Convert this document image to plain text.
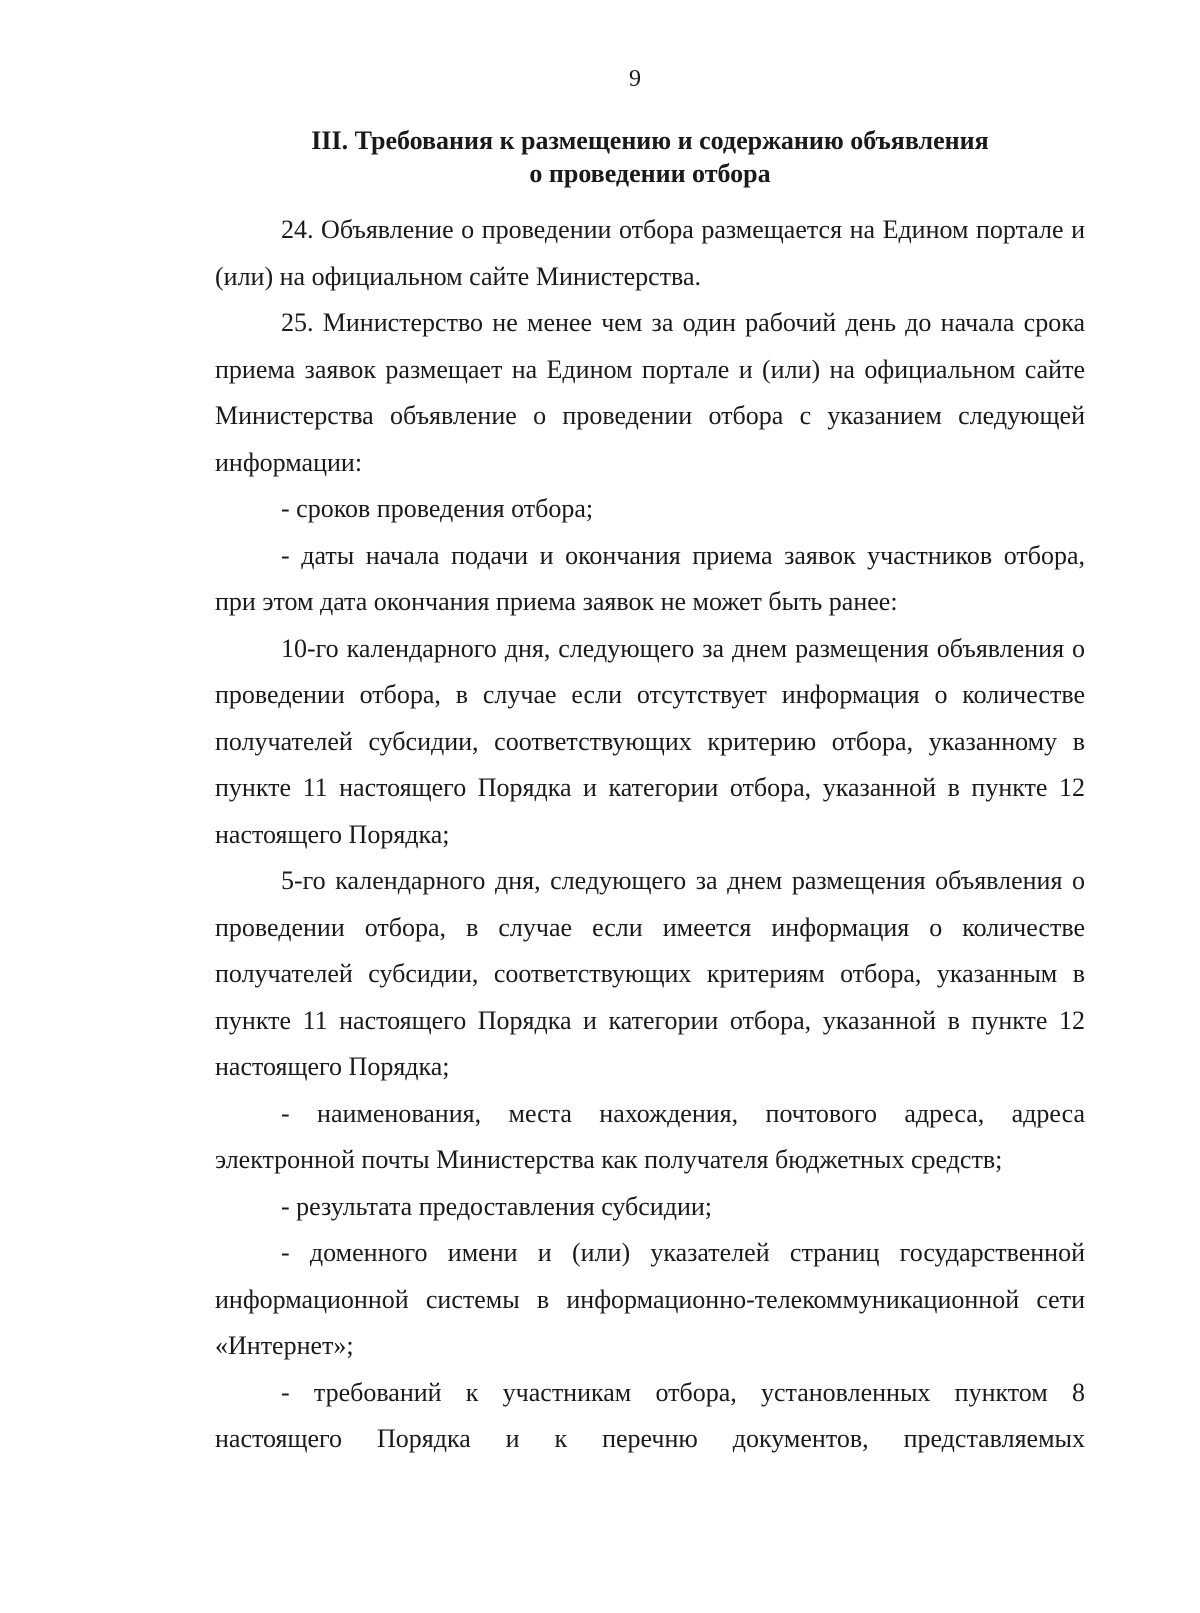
9
III. Требования к размещению и содержанию объявления
о проведении отбора

24. Объявление о проведении отбора размещается на Едином портале и (или) на официальном сайте Министерства.

25. Министерство не менее чем за один рабочий день до начала срока приема заявок размещает на Едином портале и (или) на официальном сайте Министерства объявление о проведении отбора с указанием следующей информации:

- сроков проведения отбора;

- даты начала подачи и окончания приема заявок участников отбора, при этом дата окончания приема заявок не может быть ранее:

10-го календарного дня, следующего за днем размещения объявления о проведении отбора, в случае если отсутствует информация о количестве получателей субсидии, соответствующих критерию отбора, указанному в пункте 11 настоящего Порядка и категории отбора, указанной в пункте 12 настоящего Порядка;

5-го календарного дня, следующего за днем размещения объявления о проведении отбора, в случае если имеется информация о количестве получателей субсидии, соответствующих критериям отбора, указанным в пункте 11 настоящего Порядка и категории отбора, указанной в пункте 12 настоящего Порядка;

- наименования, места нахождения, почтового адреса, адреса электронной почты Министерства как получателя бюджетных средств;

- результата предоставления субсидии;

- доменного имени и (или) указателей страниц государственной информационной системы в информационно-телекоммуникационной сети «Интернет»;

- требований к участникам отбора, установленных пунктом 8 настоящего Порядка и к перечню документов, представляемых
